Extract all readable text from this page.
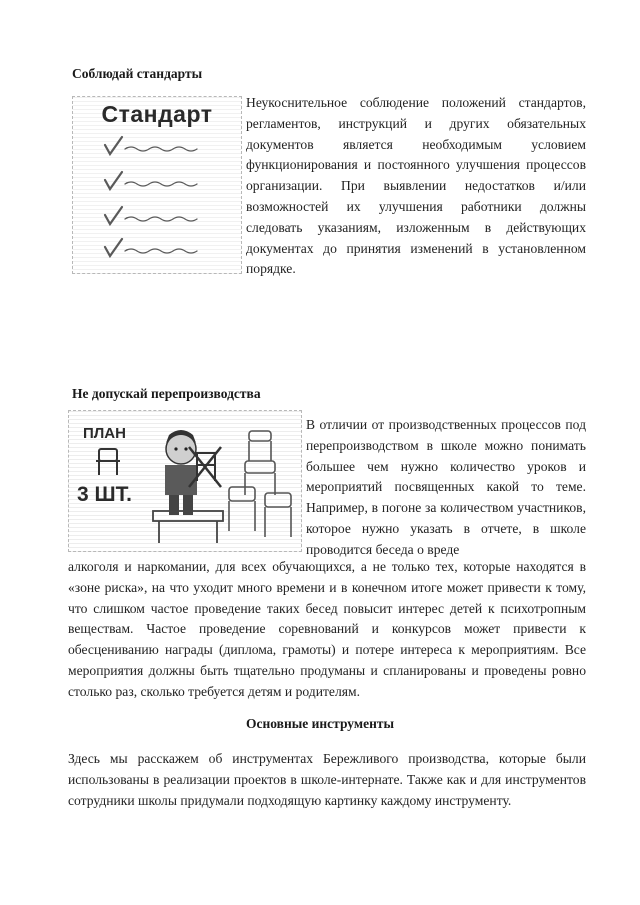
Соблюдай стандарты
Стандарт	Неукоснительное соблюдение положений стандартов, регламентов, инструкций и других обязательных документов является необходимым условием функционирования и постоянного улучшения процессов организации. При выявлении недостатков и/или возможностей их улучшения работники должны следовать указаниям, изложенным в действующих документах до принятия изменений в установленном порядке.

Не допускай перепроизводства
ПЛАН
3 ШТ.

В отличии от производственных процессов под перепроизводством в школе можно понимать большее чем нужно количество уроков и мероприятий посвященных какой то теме. Например, в погоне за количеством участников, которое нужно указать в отчете, в школе проводится беседа о вреде

алкоголя и наркомании, для всех обучающихся, а не только тех, которые находятся в «зоне риска», на что уходит много времени и в конечном итоге может привести к тому, что слишком частое проведение таких бесед повысит интерес детей к психотропным веществам. Частое проведение соревнований и конкурсов может привести к обесцениванию награды (диплома, грамоты) и потере интереса к мероприятиям. Все мероприятия должны быть тщательно продуманы и спланированы и проведены ровно столько раз, сколько требуется детям и родителям.

Основные инструменты

Здесь мы расскажем об инструментах Бережливого производства, которые были использованы в реализации проектов в школе-интернате. Также как и для инструментов сотрудники школы придумали подходящую картинку каждому инструменту.
